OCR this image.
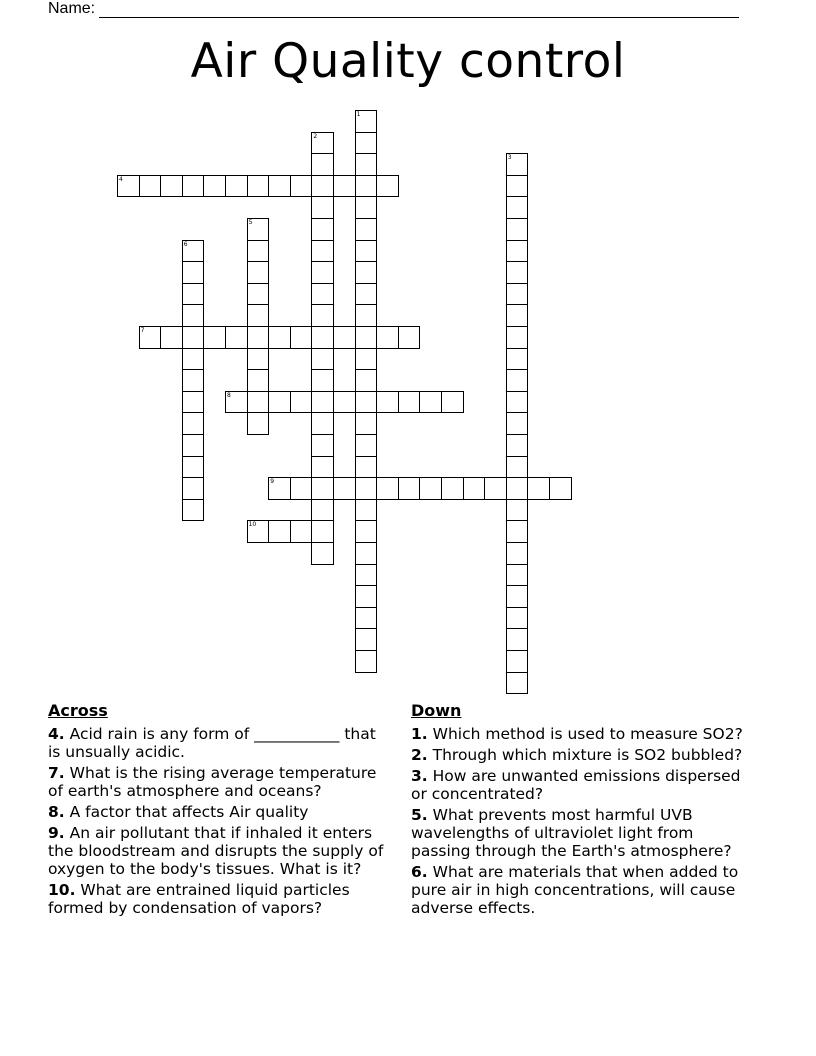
Name:
Air Quality control
1
2
3
4
5
6
7
8
9
10
Across
4. Acid rain is any form of ___________ that is unsually acidic.
7. What is the rising average temperature of earth's atmosphere and oceans?
8. A factor that affects Air quality
9. An air pollutant that if inhaled it enters the bloodstream and disrupts the supply of oxygen to the body's tissues. What is it?
10. What are entrained liquid particles formed by condensation of vapors?
Down
1. Which method is used to measure SO2?
2. Through which mixture is SO2 bubbled?
3. How are unwanted emissions dispersed or concentrated?
5. What prevents most harmful UVB wavelengths of ultraviolet light from passing through the Earth's atmosphere?
6. What are materials that when added to pure air in high concentrations, will cause adverse effects.
